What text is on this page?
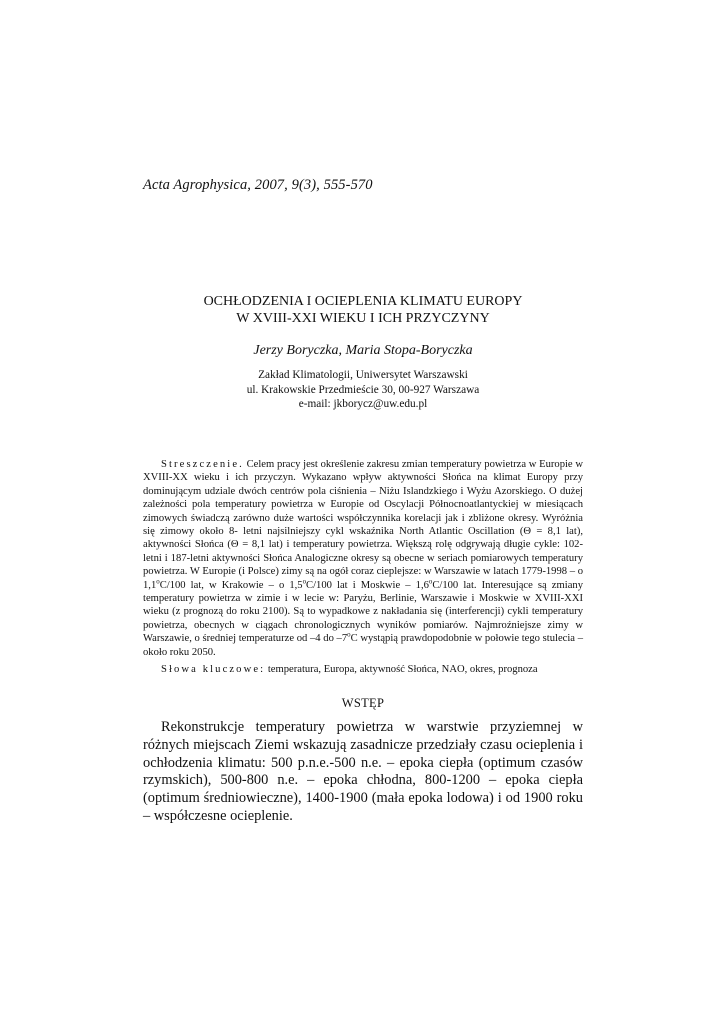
Acta Agrophysica, 2007, 9(3), 555-570
OCHŁODZENIA I OCIEPLENIA KLIMATU EUROPY
W XVIII-XXI WIEKU I ICH PRZYCZYNY
Jerzy Boryczka, Maria Stopa-Boryczka
Zakład Klimatologii, Uniwersytet Warszawski
ul. Krakowskie Przedmieście 30, 00-927 Warszawa
e-mail: jkborycz@uw.edu.pl

Streszczenie. Celem pracy jest określenie zakresu zmian temperatury powietrza w Europie w XVIII-XX wieku i ich przyczyn. Wykazano wpływ aktywności Słońca na klimat Europy przy dominującym udziale dwóch centrów pola ciśnienia – Niżu Islandzkiego i Wyżu Azorskiego. O dużej zależności pola temperatury powietrza w Europie od Oscylacji Północnoatlantyckiej w miesiącach zimowych świadczą zarówno duże wartości współczynnika korelacji jak i zbliżone okresy. Wyróżnia się zimowy około 8- letni najsilniejszy cykl wskaźnika North Atlantic Oscillation (Θ = 8,1 lat), aktywności Słońca (Θ = 8,1 lat) i temperatury powietrza. Większą rolę odgrywają długie cykle: 102-letni i 187-letni aktywności Słońca Analogiczne okresy są obecne w seriach pomiarowych temperatury powietrza. W Europie (i Polsce) zimy są na ogół coraz cieplejsze: w Warszawie w latach 1779-1998 – o 1,1$^o$C/100 lat, w Krakowie – o 1,5$^o$C/100 lat i Moskwie – 1,6$^o$C/100 lat. Interesujące są zmiany temperatury powietrza w zimie i w lecie w: Paryżu, Berlinie, Warszawie i Moskwie w XVIII-XXI wieku (z prognozą do roku 2100). Są to wypadkowe z nakładania się (interferencji) cykli temperatury powietrza, obecnych w ciągach chronologicznych wyników pomiarów. Najmroźniejsze zimy w Warszawie, o średniej temperaturze od –4 do –7$^o$C wystąpią prawdopodobnie w połowie tego stulecia – około roku 2050.

Słowa kluczowe: temperatura, Europa, aktywność Słońca, NAO, okres, prognoza

WSTĘP

Rekonstrukcje temperatury powietrza w warstwie przyziemnej w różnych miejscach Ziemi wskazują zasadnicze przedziały czasu ocieplenia i ochłodzenia klimatu: 500 p.n.e.-500 n.e. – epoka ciepła (optimum czasów rzymskich), 500-800 n.e. – epoka chłodna, 800-1200 – epoka ciepła (optimum średniowieczne), 1400-1900 (mała epoka lodowa) i od 1900 roku – współczesne ocieplenie.
